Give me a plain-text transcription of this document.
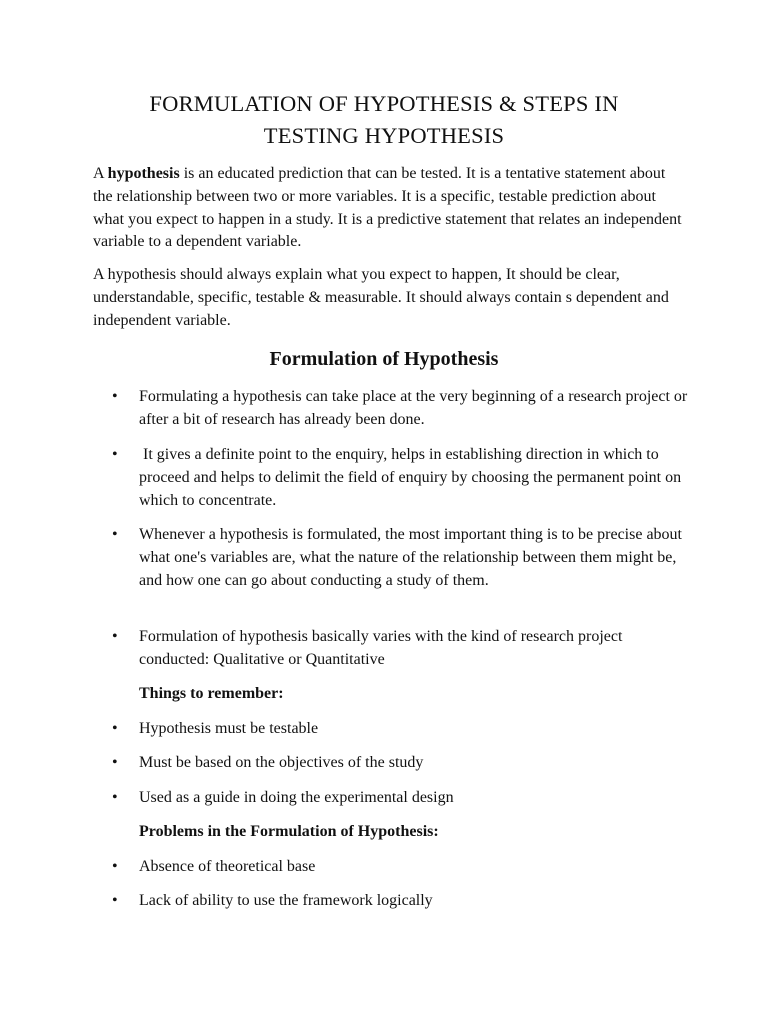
FORMULATION OF HYPOTHESIS & STEPS IN
TESTING HYPOTHESIS

A hypothesis is an educated prediction that can be tested. It is a tentative statement about the relationship between two or more variables. It is a specific, testable prediction about what you expect to happen in a study. It is a predictive statement that relates an independent variable to a dependent variable.

A hypothesis should always explain what you expect to happen, It should be clear, understandable, specific, testable & measurable. It should always contain s dependent and independent variable.

Formulation of Hypothesis
•	Formulating a hypothesis can take place at the very beginning of a research project or after a bit of research has already been done.
•	It gives a definite point to the enquiry, helps in establishing direction in which to proceed and helps to delimit the field of enquiry by choosing the permanent point on which to concentrate.
•	Whenever a hypothesis is formulated, the most important thing is to be precise about what one's variables are, what the nature of the relationship between them might be, and how one can go about conducting a study of them.
•	Formulation of hypothesis basically varies with the kind of research project conducted: Qualitative or Quantitative
Things to remember:
•	Hypothesis must be testable
•	Must be based on the objectives of the study
•	Used as a guide in doing the experimental design
Problems in the Formulation of Hypothesis:
•	Absence of theoretical base
•	Lack of ability to use the framework logically
